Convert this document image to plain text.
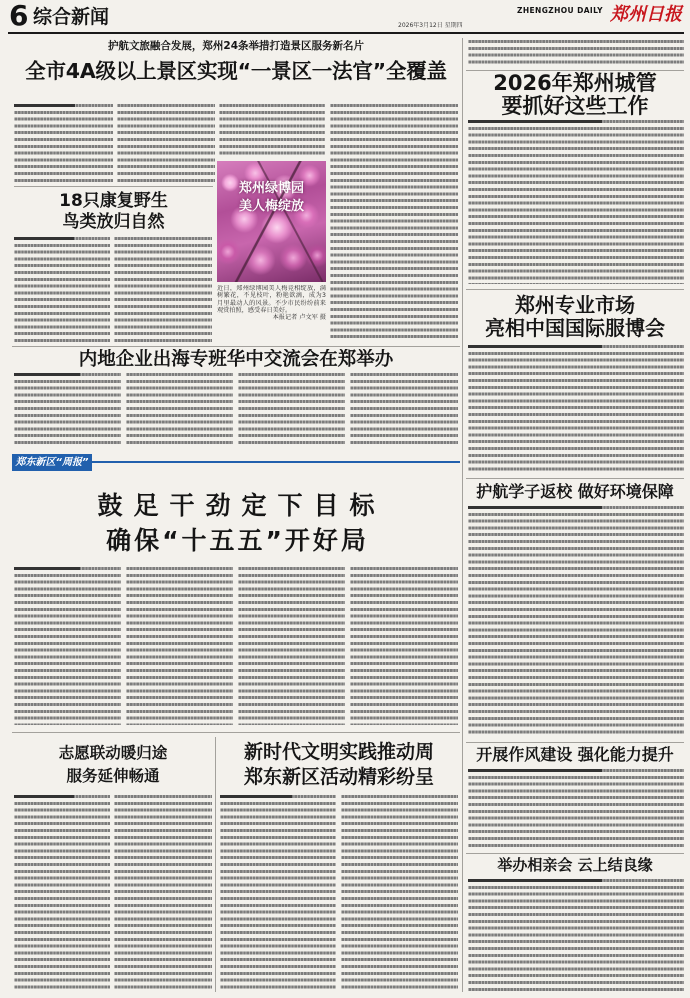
6 综合新闻	2026年3月12日 星期四
ZHENGZHOU DAILY 郑州日报
护航文旅融合发展，郑州24条举措打造景区服务新名片
全市4A级以上景区实现“一景区一法官”全覆盖
18只康复野生
鸟类放归自然
郑州绿博园
美人梅绽放
近日，郑州绿博园美人梅竞相绽放，满树繁花，不见枝叶，粉艳欲滴，成为3月里最动人的风景。不少市民纷纷前来观赏拍照，感受春日美好。
本报记者 卢文军 摄
内地企业出海专班华中交流会在郑举办
郑东新区“周报”
鼓足干劲定下目标
确保“十五五”开好局
志愿联动暖归途
服务延伸畅通
新时代文明实践推动周
郑东新区活动精彩纷呈
2026年郑州城管
要抓好这些工作
郑州专业市场
亮相中国国际服博会
护航学子返校 做好环境保障
开展作风建设 强化能力提升
举办相亲会 云上结良缘
